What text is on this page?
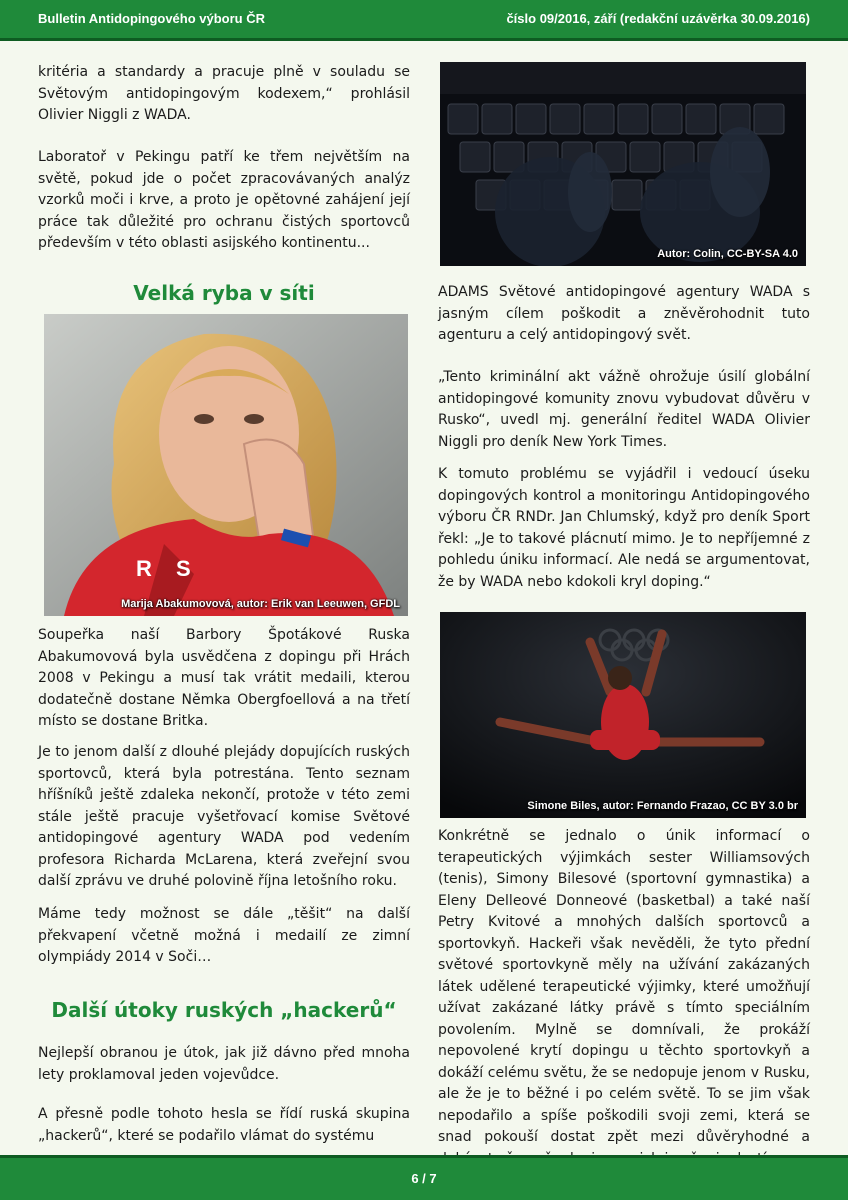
Bulletin Antidopingového výboru ČR	číslo 09/2016, září (redakční uzávěrka 30.09.2016)

kritéria a standardy a pracuje plně v souladu se Světovým antidopingovým kodexem,“ prohlásil Olivier Niggli z WADA.

Laboratoř v Pekingu patří ke třem největším na světě, pokud jde o počet zpracovávaných analýz vzorků moči i krve, a proto je opětovné zahájení její práce tak důležité pro ochranu čistých sportovců především v této oblasti asijského kontinentu...

Velká ryba v síti
R S
Marija Abakumovová, autor: Erik van Leeuwen, GFDL

Soupeřka naší Barbory Špotákové Ruska Abakumovová byla usvědčena z dopingu při Hrách 2008 v Pekingu a musí tak vrátit medaili, kterou dodatečně dostane Němka Obergfoellová a na třetí místo se dostane Britka.

Je to jenom další z dlouhé plejády dopujících ruských sportovců, která byla potrestána. Tento seznam hříšníků ještě zdaleka nekončí, protože v této zemi stále ještě pracuje vyšetřovací komise Světové antidopingové agentury WADA pod vedením profesora Richarda McLarena, která zveřejní svou další zprávu ve druhé polovině října letošního roku.

Máme tedy možnost se dále „těšit“ na další překvapení včetně možná i medailí ze zimní olympiády 2014 v Soči…

Další útoky ruských „hackerů“

Nejlepší obranou je útok, jak již dávno před mnoha lety proklamoval jeden vojevůdce.

A přesně podle tohoto hesla se řídí ruská skupina „hackerů“, které se podařilo vlámat do systému

Autor: Colin, CC-BY-SA 4.0

ADAMS Světové antidopingové agentury WADA s jasným cílem poškodit a zněvěrohodnit tuto agenturu a celý antidopingový svět.

„Tento kriminální akt vážně ohrožuje úsilí globální antidopingové komunity znovu vybudovat důvěru v Rusko“, uvedl mj. generální ředitel WADA Olivier Niggli pro deník New York Times.

K tomuto problému se vyjádřil i vedoucí úseku dopingových kontrol a monitoringu Antidopingového výboru ČR RNDr. Jan Chlumský, když pro deník Sport řekl: „Je to takové plácnutí mimo. Je to nepříjemné z pohledu úniku informací. Ale nedá se argumentovat, že by WADA nebo kdokoli kryl doping.“

Simone Biles, autor: Fernando Frazao, CC BY 3.0 br

Konkrétně se jednalo o únik informací o terapeutických výjimkách sester Williamsových (tenis), Simony Bilesové (sportovní gymnastika) a Eleny Delleové Donneové (basketbal) a také naší Petry Kvitové a mnohých dalších sportovců a sportovkyň. Hackeři však nevěděli, že tyto přední světové sportovkyně měly na užívání zakázaných látek udělené terapeutické výjimky, které umožňují užívat zakázané látky právě s tímto speciálním povolením. Mylně se domnívali, že prokáží nepovolené krytí dopingu u těchto sportovkyň a dokáží celému světu, že se nedopuje jenom v Rusku, ale že je to běžné i po celém světě. To se jim však nepodařilo a spíše poškodili svoji zemi, která se snad pokouší dostat zpět mezi důvěryhodné a

6 / 7
